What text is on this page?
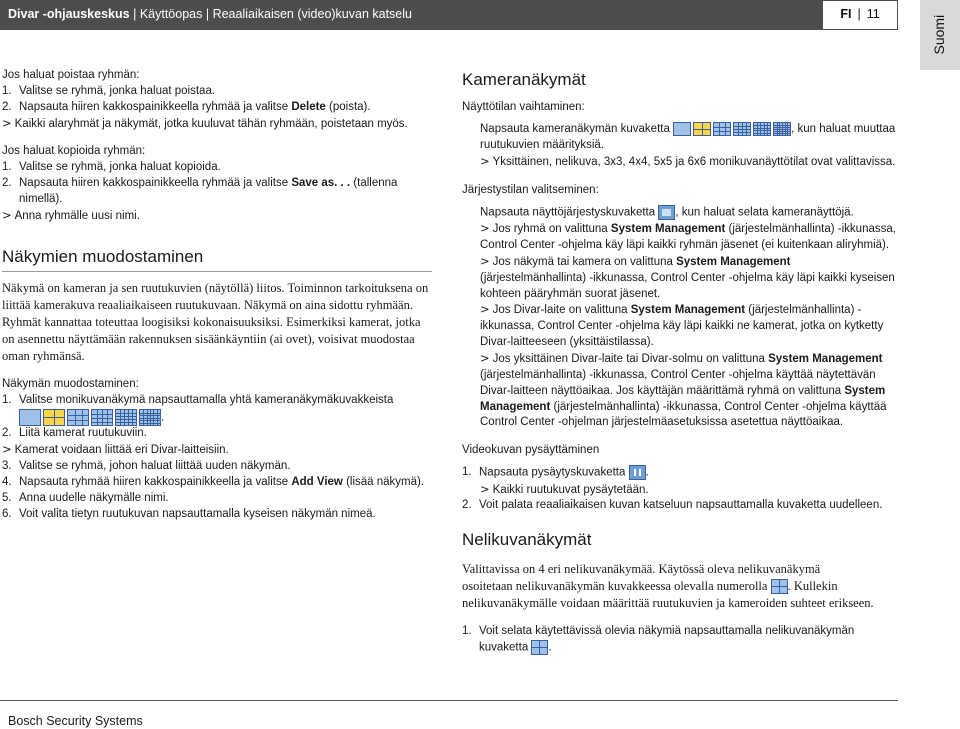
Divar -ohjauskeskus | Käyttöopas | Reaaliaikaisen (video)kuvan katselu	FI | 11
Suomi

Jos haluat poistaa ryhmän:

1. Valitse se ryhmä, jonka haluat poistaa.
2. Napsauta hiiren kakkospainikkeella ryhmää ja valitse Delete (poista).

> Kaikki alaryhmät ja näkymät, jotka kuuluvat tähän ryhmään, poistetaan myös.

Jos haluat kopioida ryhmän:

1. Valitse se ryhmä, jonka haluat kopioida.
2. Napsauta hiiren kakkospainikkeella ryhmää ja valitse Save as. . . (tallenna nimellä).

> Anna ryhmälle uusi nimi.

Näkymien muodostaminen

Näkymä on kameran ja sen ruutukuvien (näytöllä) liitos. Toiminnon tarkoituksena on liittää kamerakuva reaaliaikaiseen ruutukuvaan. Näkymä on aina sidottu ryhmään. Ryhmät kannattaa toteuttaa loogisiksi kokonaisuuksiksi. Esimerkiksi kamerat, jotka on asennettu näyttämään rakennuksen sisäänkäyntiin (ai ovet), voisivat muodostaa oman ryhmänsä.

Näkymän muodostaminen:

1. Valitse monikuvanäkymä napsauttamalla yhtä kameranäkymäkuvakkeista

.
2. Liitä kamerat ruutukuviin.

> Kamerat voidaan liittää eri Divar-laitteisiin.

3. Valitse se ryhmä, johon haluat liittää uuden näkymän.
4. Napsauta ryhmää hiiren kakkospainikkeella ja valitse Add View (lisää näkymä).
5. Anna uudelle näkymälle nimi.
6. Voit valita tietyn ruutukuvan napsauttamalla kyseisen näkymän nimeä.
Kameranäkymät

Näyttötilan vaihtaminen:

Napsauta kameranäkymän kuvaketta	, kun haluat muuttaa ruutukuvien määrityksiä.

> Yksittäinen, nelikuva, 3x3, 4x4, 5x5 ja 6x6 monikuvanäyttötilat ovat valittavissa.

Järjestystilan valitseminen:

Napsauta näyttöjärjestyskuvaketta , kun haluat selata kameranäyttöjä.

> Jos ryhmä on valittuna System Management (järjestelmänhallinta) -ikkunassa, Control Center -ohjelma käy läpi kaikki ryhmän jäsenet (ei kuitenkaan aliryhmiä).

> Jos näkymä tai kamera on valittuna System Management (järjestelmänhallinta) -ikkunassa, Control Center -ohjelma käy läpi kaikki kyseisen kohteen pääryhmän suorat jäsenet.

> Jos Divar-laite on valittuna System Management (järjestelmänhallinta) -ikkunassa, Control Center -ohjelma käy läpi kaikki ne kamerat, jotka on kytketty Divar-laitteeseen (yksittäistilassa).

> Jos yksittäinen Divar-laite tai Divar-solmu on valittuna System Management (järjestelmänhallinta) -ikkunassa, Control Center -ohjelma käyttää näytettävän Divar-laitteen näyttöaikaa. Jos käyttäjän määrittämä ryhmä on valittuna System Management (järjestelmänhallinta) -ikkunassa, Control Center -ohjelma käyttää Control Center -ohjelman järjestelmäasetuksissa asetettua näyttöaikaa.

Videokuvan pysäyttäminen

1. Napsauta pysäytyskuvaketta .

> Kaikki ruutukuvat pysäytetään.

2. Voit palata reaaliaikaisen kuvan katseluun napsauttamalla kuvaketta uudelleen.
Nelikuvanäkymät

Valittavissa on 4 eri nelikuvanäkymää. Käytössä oleva nelikuvanäkymä
osoitetaan nelikuvanäkymän kuvakkeessa olevalla numerolla . Kullekin nelikuvanäkymälle voidaan määrittää ruutukuvien ja kameroiden suhteet erikseen.

1. Voit selata käytettävissä olevia näkymiä napsauttamalla nelikuvanäkymän kuvaketta .
Bosch Security Systems
